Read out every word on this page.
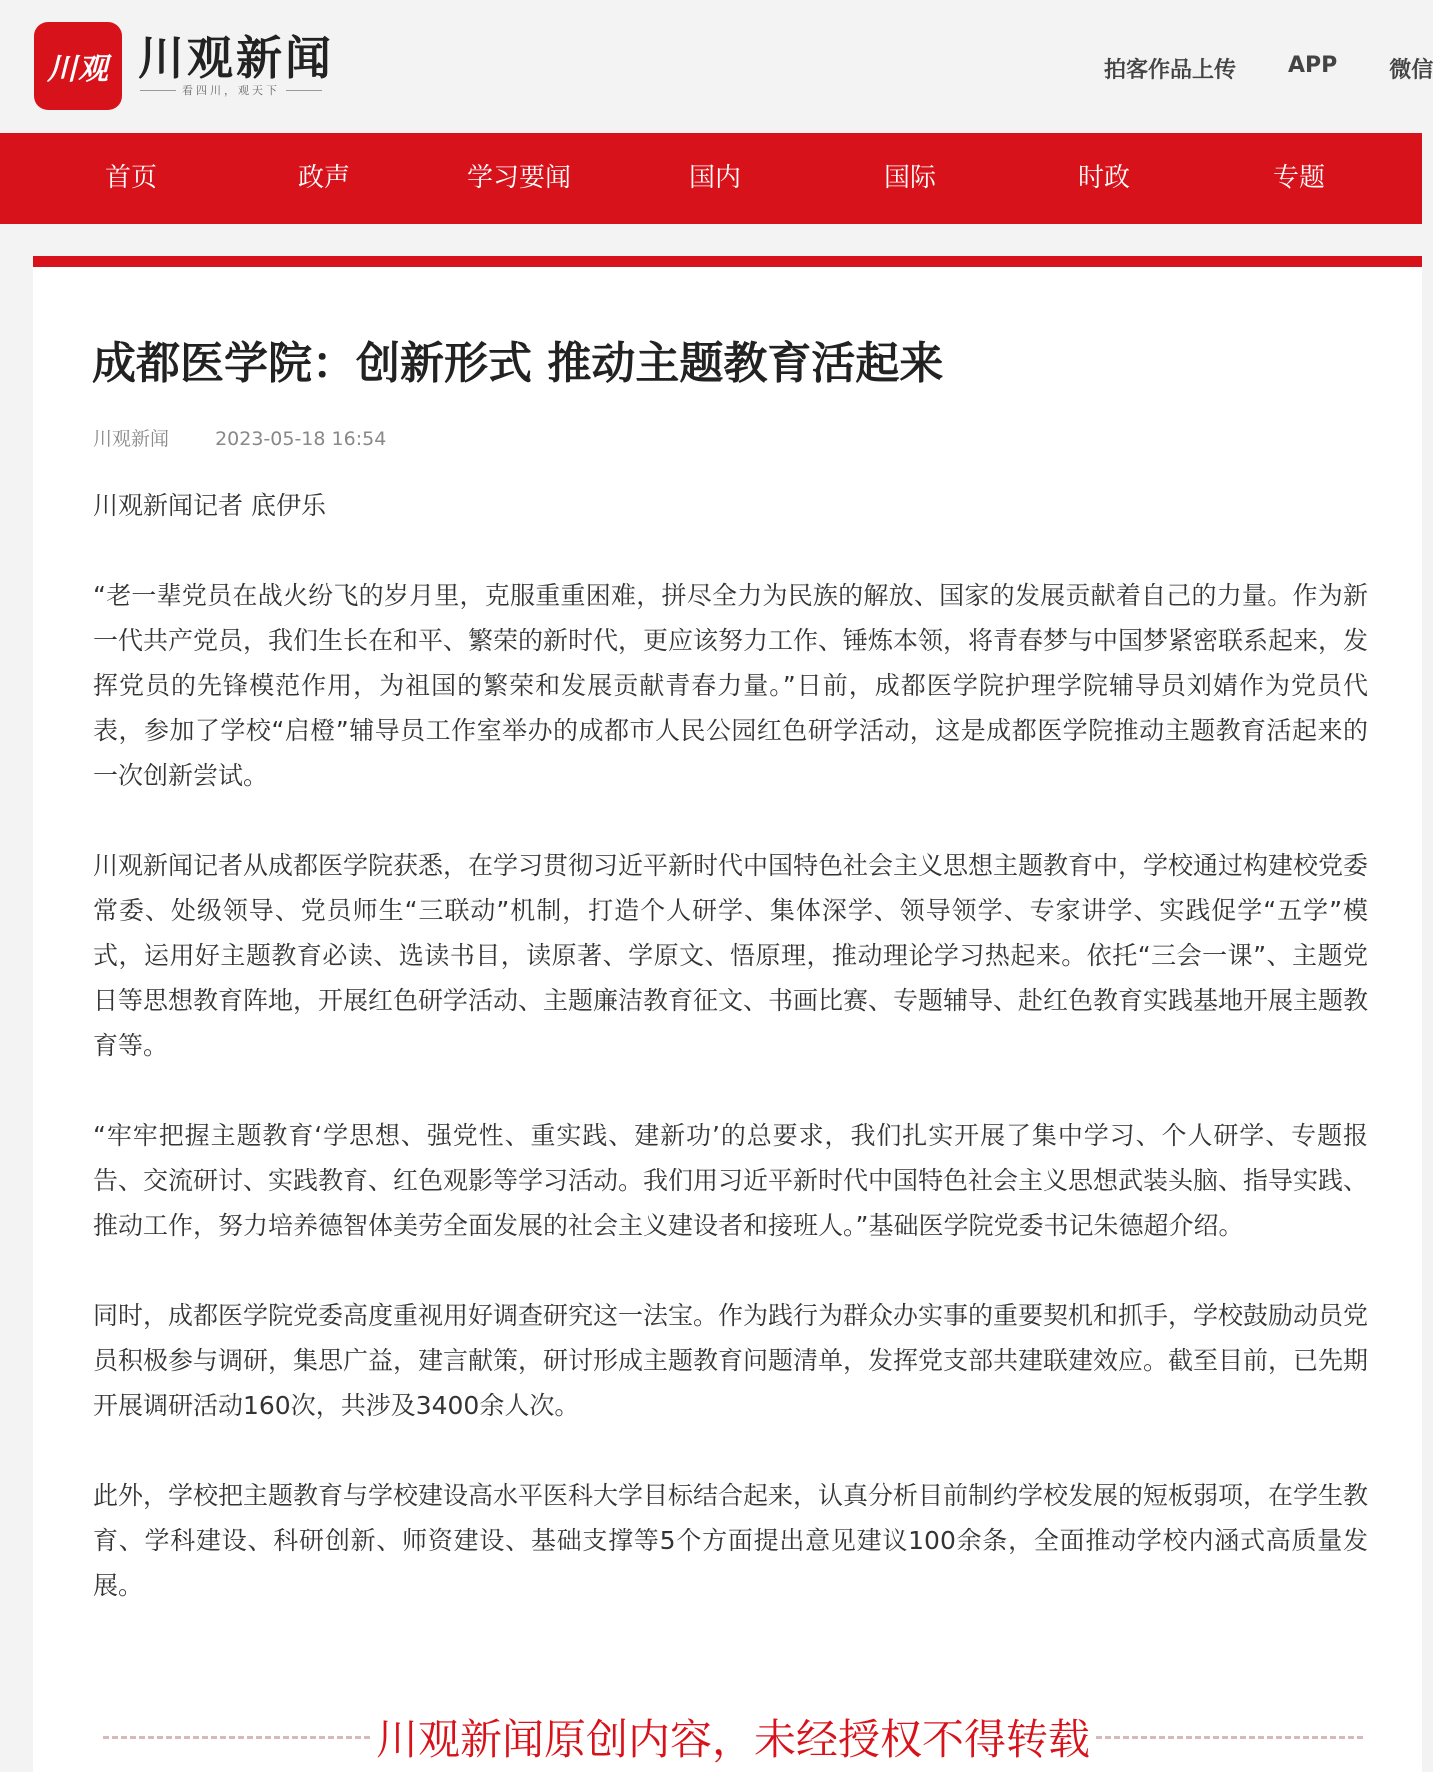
川观 川观新闻
看四川，观天下
拍客作品上传 APP 微信
首页	政声	学习要闻	国内	国际	时政	专题
成都医学院：创新形式 推动主题教育活起来
川观新闻 2023-05-18 16:54

川观新闻记者 底伊乐

“老一辈党员在战火纷飞的岁月里，克服重重困难，拼尽全力为民族的解放、国家的发展贡献着自己的力量。作为新一代共产党员，我们生长在和平、繁荣的新时代，更应该努力工作、锤炼本领，将青春梦与中国梦紧密联系起来，发挥党员的先锋模范作用，为祖国的繁荣和发展贡献青春力量。”日前，成都医学院护理学院辅导员刘婧作为党员代表，参加了学校“启橙”辅导员工作室举办的成都市人民公园红色研学活动，这是成都医学院推动主题教育活起来的一次创新尝试。

川观新闻记者从成都医学院获悉，在学习贯彻习近平新时代中国特色社会主义思想主题教育中，学校通过构建校党委常委、处级领导、党员师生“三联动”机制，打造个人研学、集体深学、领导领学、专家讲学、实践促学“五学”模式，运用好主题教育必读、选读书目，读原著、学原文、悟原理，推动理论学习热起来。依托“三会一课”、主题党日等思想教育阵地，开展红色研学活动、主题廉洁教育征文、书画比赛、专题辅导、赴红色教育实践基地开展主题教育等。

“牢牢把握主题教育‘学思想、强党性、重实践、建新功’的总要求，我们扎实开展了集中学习、个人研学、专题报告、交流研讨、实践教育、红色观影等学习活动。我们用习近平新时代中国特色社会主义思想武装头脑、指导实践、推动工作，努力培养德智体美劳全面发展的社会主义建设者和接班人。”基础医学院党委书记朱德超介绍。

同时，成都医学院党委高度重视用好调查研究这一法宝。作为践行为群众办实事的重要契机和抓手，学校鼓励动员党员积极参与调研，集思广益，建言献策，研讨形成主题教育问题清单，发挥党支部共建联建效应。截至目前，已先期开展调研活动160次，共涉及3400余人次。

此外，学校把主题教育与学校建设高水平医科大学目标结合起来，认真分析目前制约学校发展的短板弱项，在学生教育、学科建设、科研创新、师资建设、基础支撑等5个方面提出意见建议100余条，全面推动学校内涵式高质量发展。

川观新闻原创内容，未经授权不得转载
